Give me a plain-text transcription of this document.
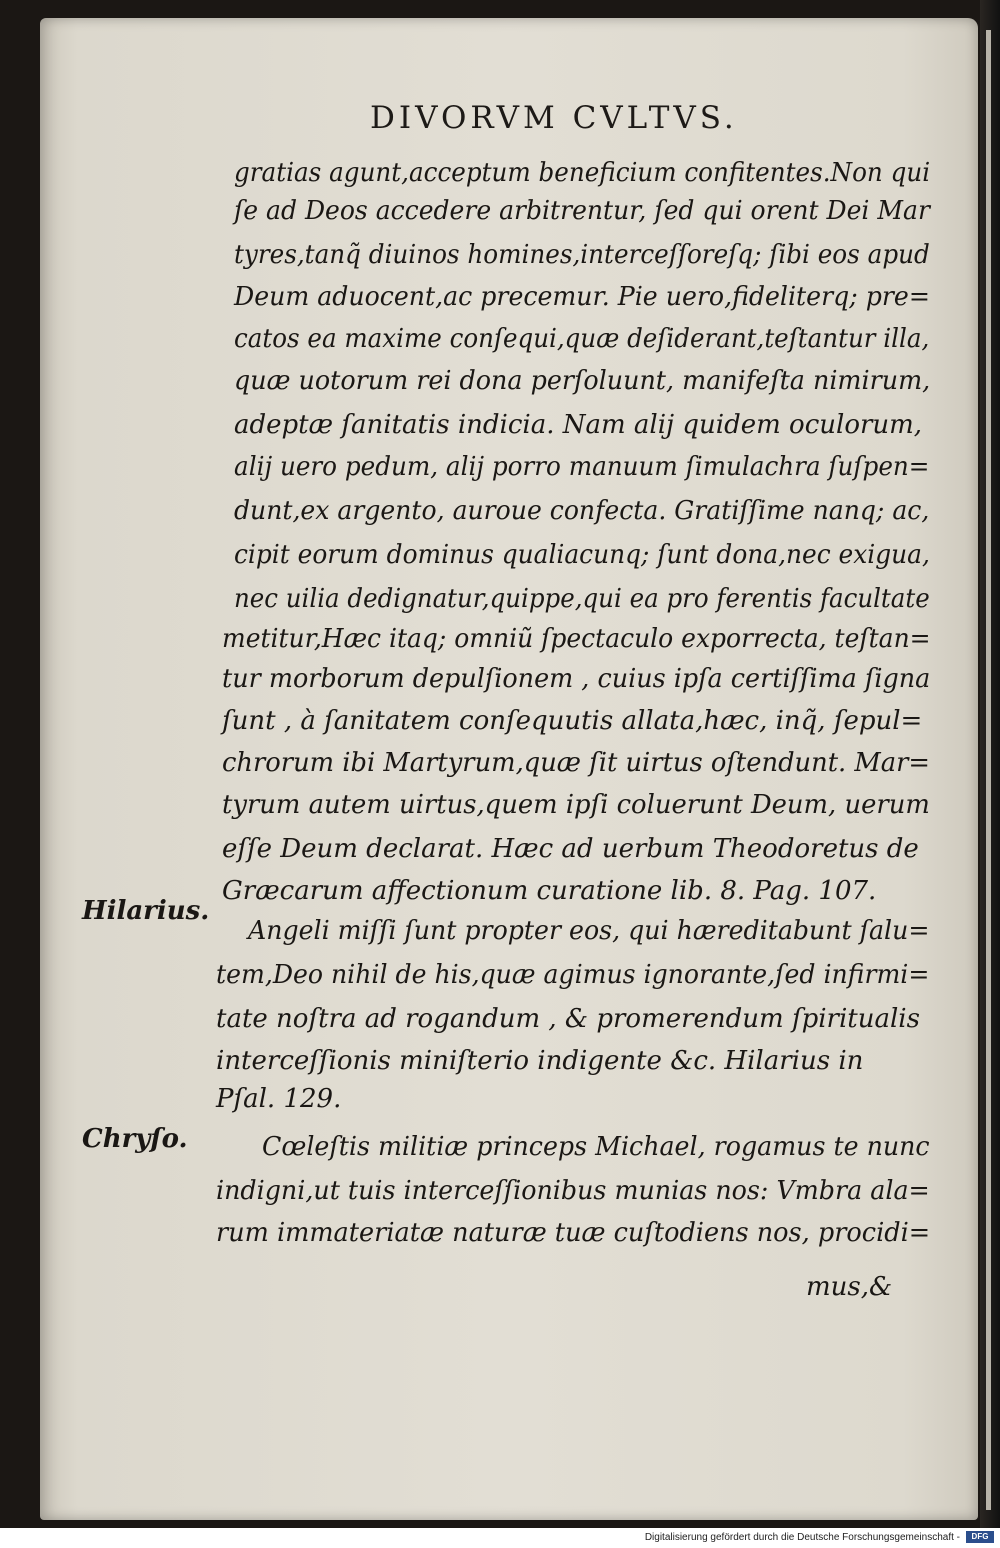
DIVORVM CVLTVS.
gratias agunt,acceptum beneficium confitentes.Non qui
ſe ad Deos accedere arbitrentur, ſed qui orent Dei Mar
tyres,tanq̃ diuinos homines,interceſſoreſq; ſibi eos apud
Deum aduocent,ac precemur. Pie uero,fideliterq; pre=
catos ea maxime conſequi,quæ deſiderant,teſtantur illa,
quæ uotorum rei dona perſoluunt, manifeſta nimirum,
adeptæ ſanitatis indicia. Nam alij quidem oculorum,
alij uero pedum, alij porro manuum ſimulachra ſuſpen=
dunt,ex argento, auroue confecta. Gratiſſime nanq; ac,
cipit eorum dominus qualiacunq; ſunt dona,nec exigua,
nec uilia dedignatur,quippe,qui ea pro ferentis facultate
metitur,Hæc itaq; omniũ ſpectaculo exporrecta, teſtan=
tur morborum depulſionem , cuius ipſa certiſſima ſigna
ſunt , à ſanitatem conſequutis allata,hæc, inq̃, ſepul=
chrorum ibi Martyrum,quæ ſit uirtus oſtendunt. Mar=
tyrum autem uirtus,quem ipſi coluerunt Deum, uerum
eſſe Deum declarat. Hæc ad uerbum Theodoretus de
Græcarum affectionum curatione lib. 8. Pag. 107.
Angeli miſſi ſunt propter eos, qui hæreditabunt ſalu=
tem,Deo nihil de his,quæ agimus ignorante,ſed infirmi=
tate noſtra ad rogandum , & promerendum ſpiritualis
interceſſionis miniſterio indigente &c. Hilarius in
Pſal. 129.
Cœleſtis militiæ princeps Michael, rogamus te nunc
indigni,ut tuis interceſſionibus munias nos: Vmbra ala=
rum immateriatæ naturæ tuæ cuſtodiens nos, procidi=
mus,&
Hilarius.
Chryſo.
Digitalisierung gefördert durch die Deutsche Forschungsgemeinschaft -	DFG
